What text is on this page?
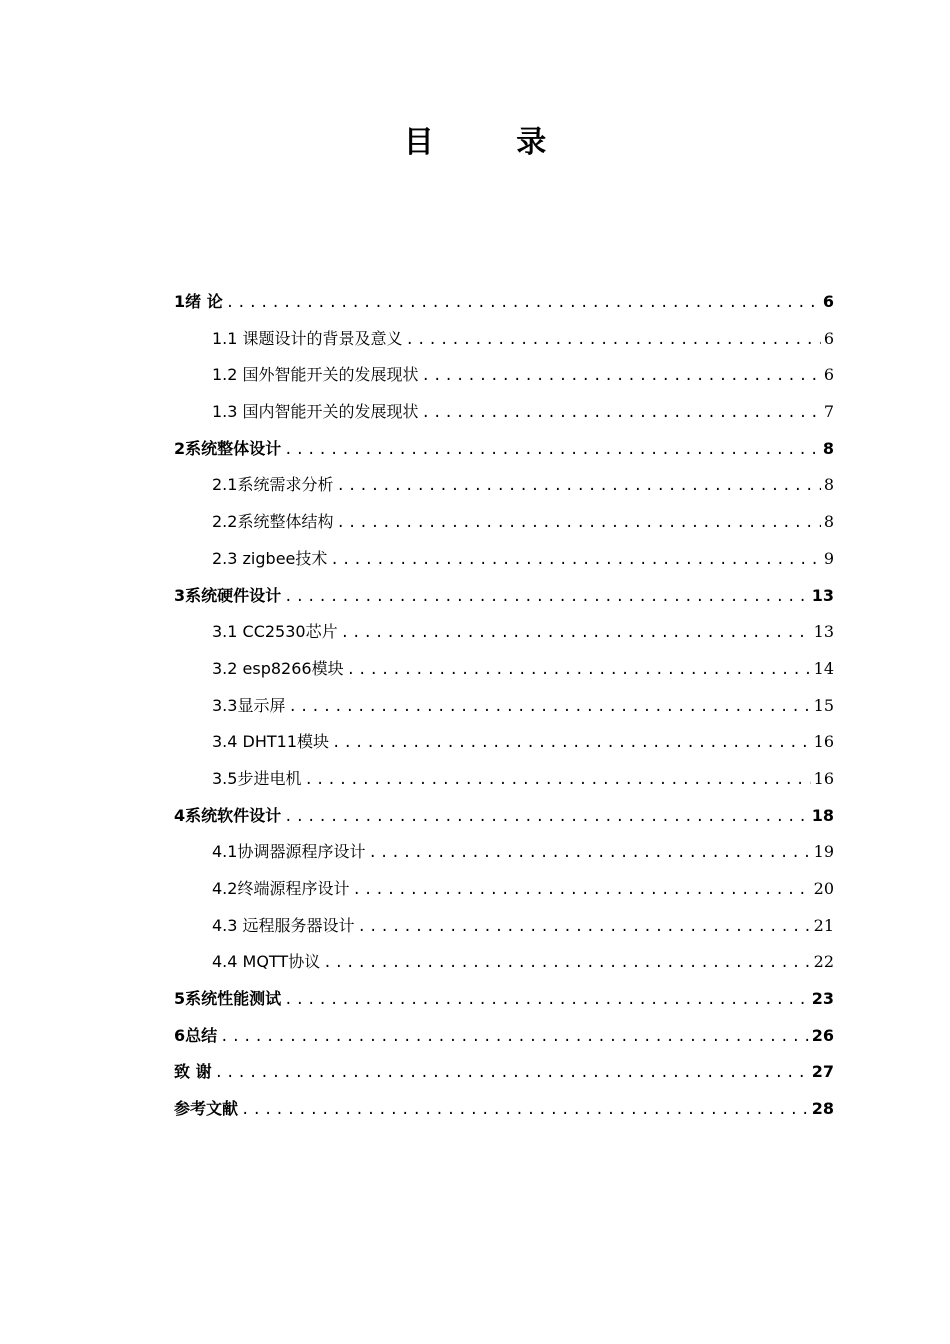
目 录
1绪 论 .....	6
1.1 课题设计的背景及意义 .....	6
1.2 国外智能开关的发展现状 .....	6
1.3 国内智能开关的发展现状 .....	7
2系统整体设计 .....	8
2.1系统需求分析 .....	8
2.2系统整体结构 .....	8
2.3 zigbee技术 .....	9
3系统硬件设计 .....	13
3.1 CC2530芯片 .....	13
3.2 esp8266模块 .....	14
3.3显示屏 .....	15
3.4 DHT11模块 .....	16
3.5步进电机 .....	16
4系统软件设计 .....	18
4.1协调器源程序设计 .....	19
4.2终端源程序设计 .....	20
4.3 远程服务器设计 .....	21
4.4 MQTT协议 .....	22
5系统性能测试 .....	23
6总结 .....	26
致 谢 .....	27
参考文献 .....	28
